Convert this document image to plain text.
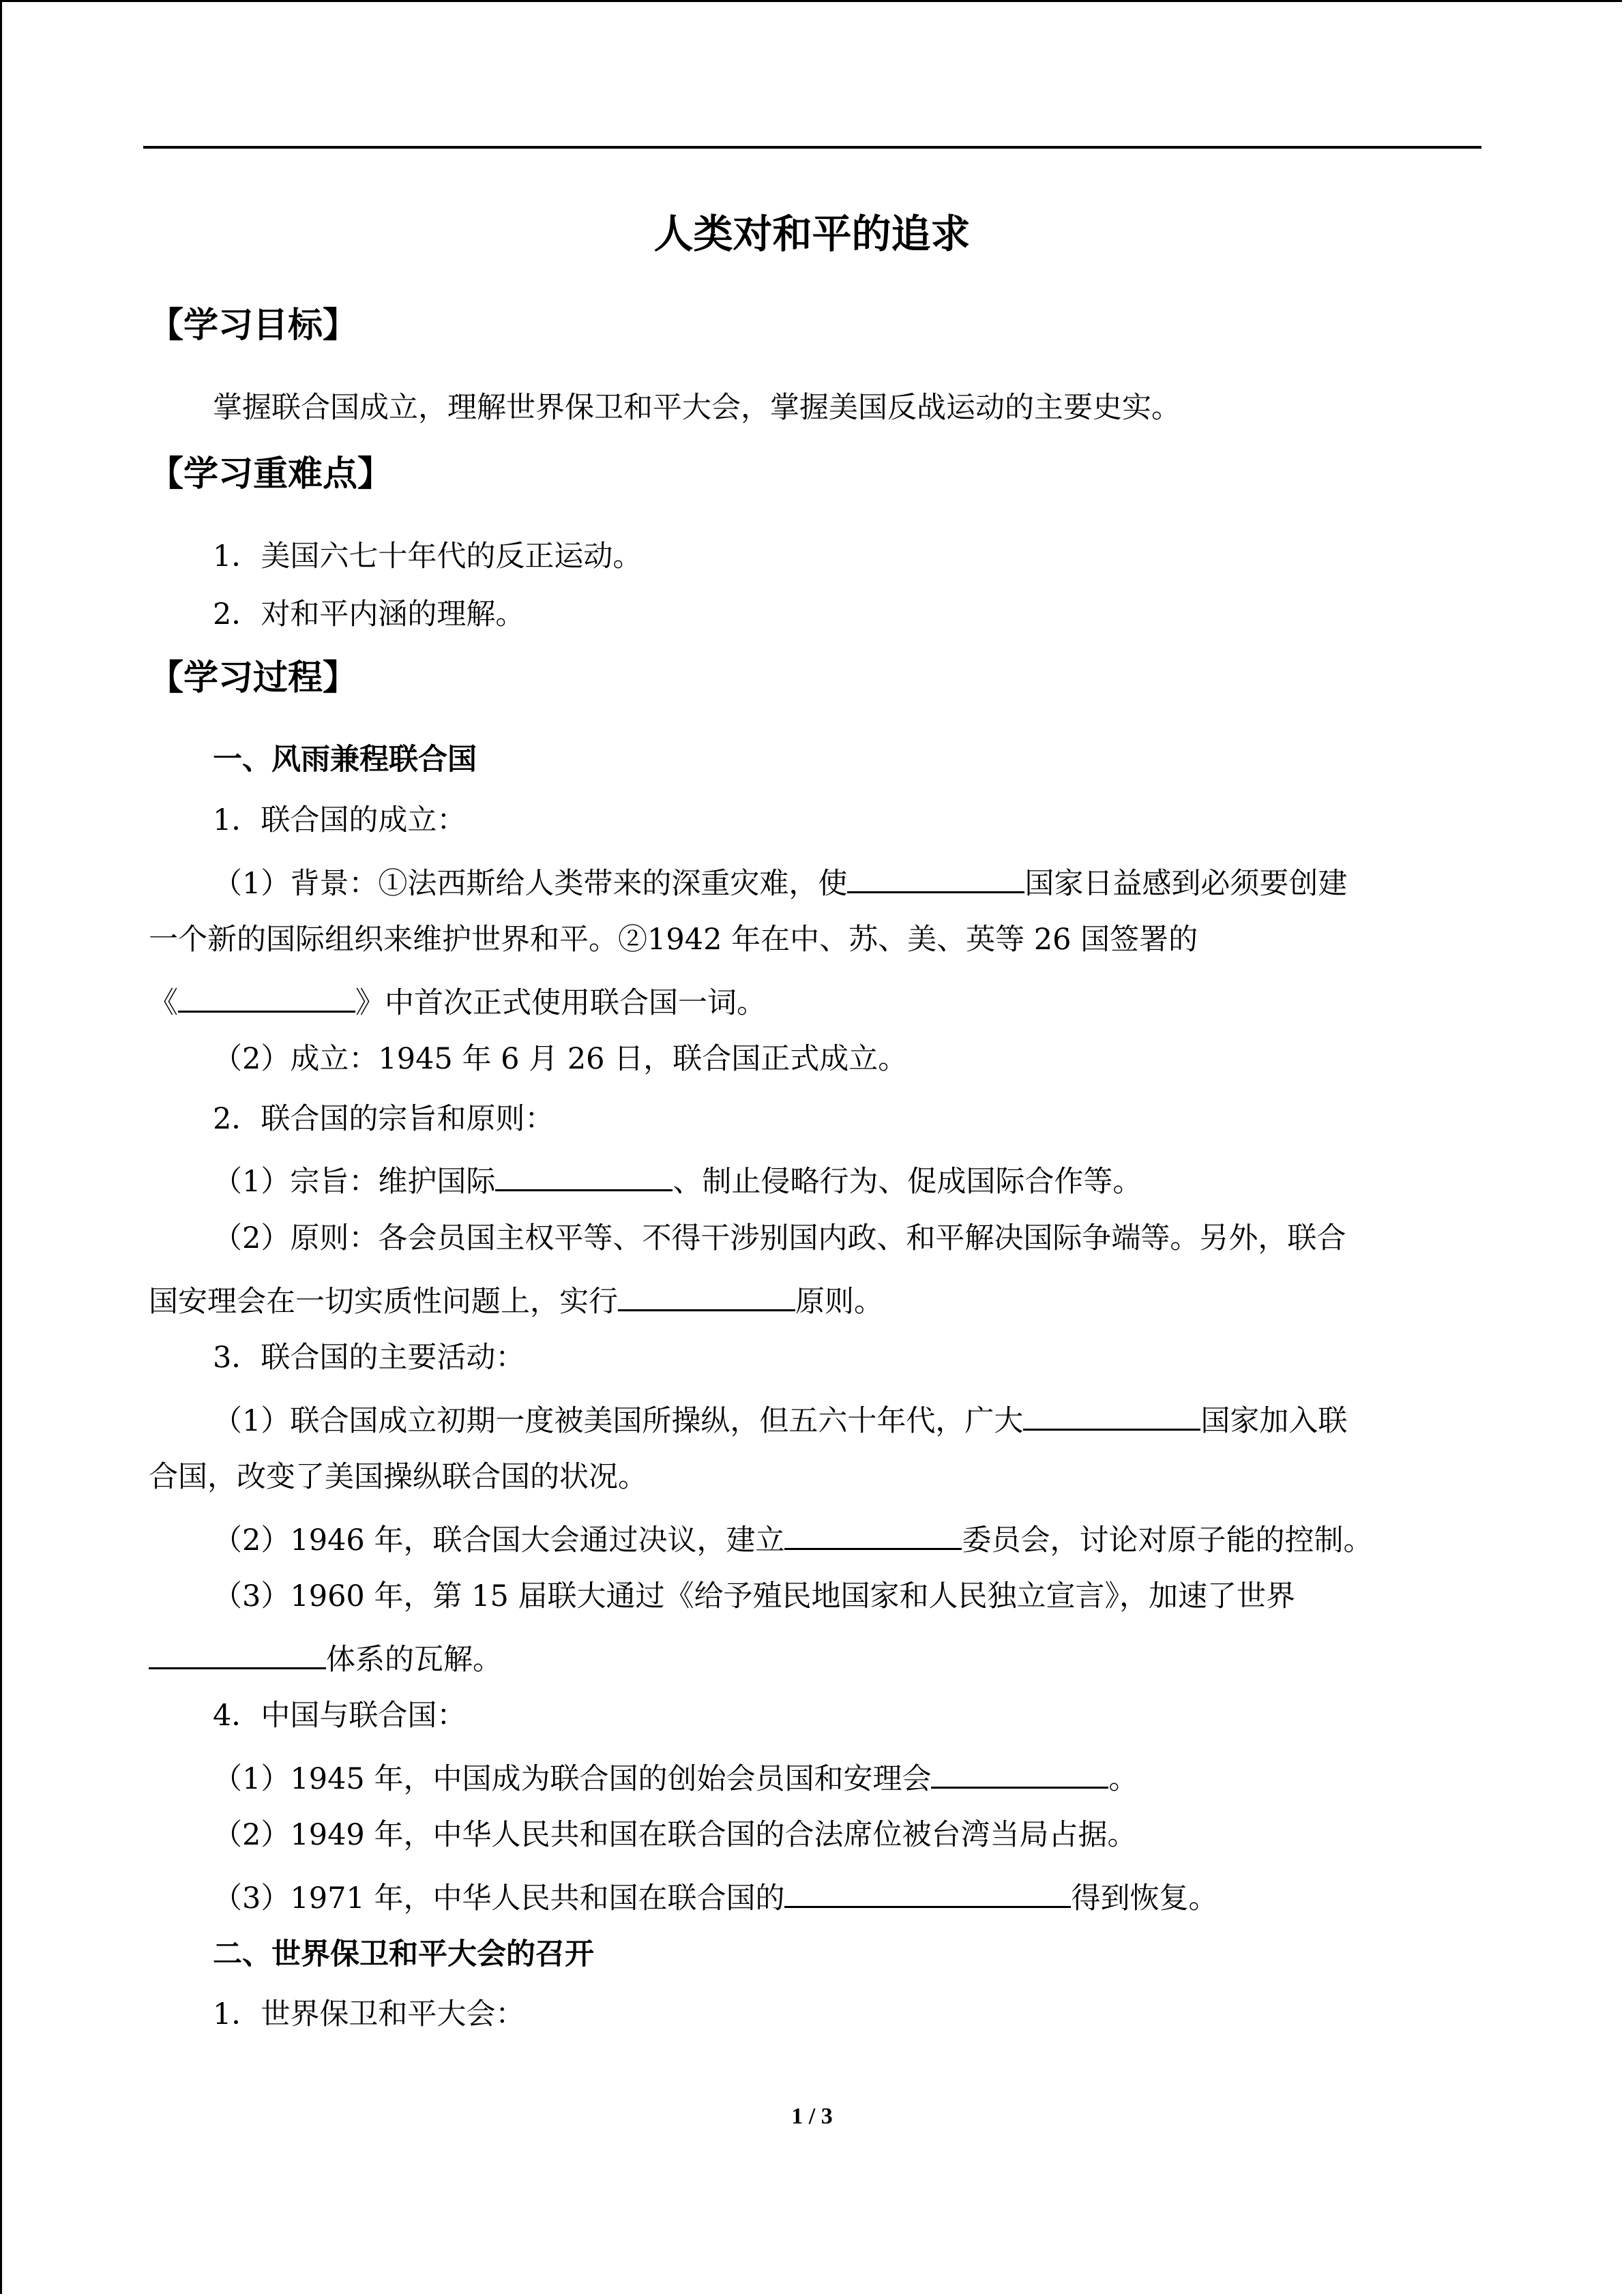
人类对和平的追求
【学习目标】
掌握联合国成立，理解世界保卫和平大会，掌握美国反战运动的主要史实。
【学习重难点】
1．美国六七十年代的反正运动。
2．对和平内涵的理解。
【学习过程】
一、风雨兼程联合国
1．联合国的成立：
（1）背景：①法西斯给人类带来的深重灾难，使	国家日益感到必须要创建
一个新的国际组织来维护世界和平。②1942 年在中、苏、美、英等 26 国签署的
《	》中首次正式使用联合国一词。
（2）成立：1945 年 6 月 26 日，联合国正式成立。
2．联合国的宗旨和原则：
（1）宗旨：维护国际	、制止侵略行为、促成国际合作等。
（2）原则：各会员国主权平等、不得干涉别国内政、和平解决国际争端等。另外，联合
国安理会在一切实质性问题上，实行	原则。
3．联合国的主要活动：
（1）联合国成立初期一度被美国所操纵，但五六十年代，广大	国家加入联
合国，改变了美国操纵联合国的状况。
（2）1946 年，联合国大会通过决议，建立	委员会，讨论对原子能的控制。
（3）1960 年，第 15 届联大通过《给予殖民地国家和人民独立宣言》，加速了世界
体系的瓦解。
4．中国与联合国：
（1）1945 年，中国成为联合国的创始会员国和安理会	。
（2）1949 年，中华人民共和国在联合国的合法席位被台湾当局占据。
（3）1971 年，中华人民共和国在联合国的	得到恢复。
二、世界保卫和平大会的召开
1．世界保卫和平大会：
1 / 3
